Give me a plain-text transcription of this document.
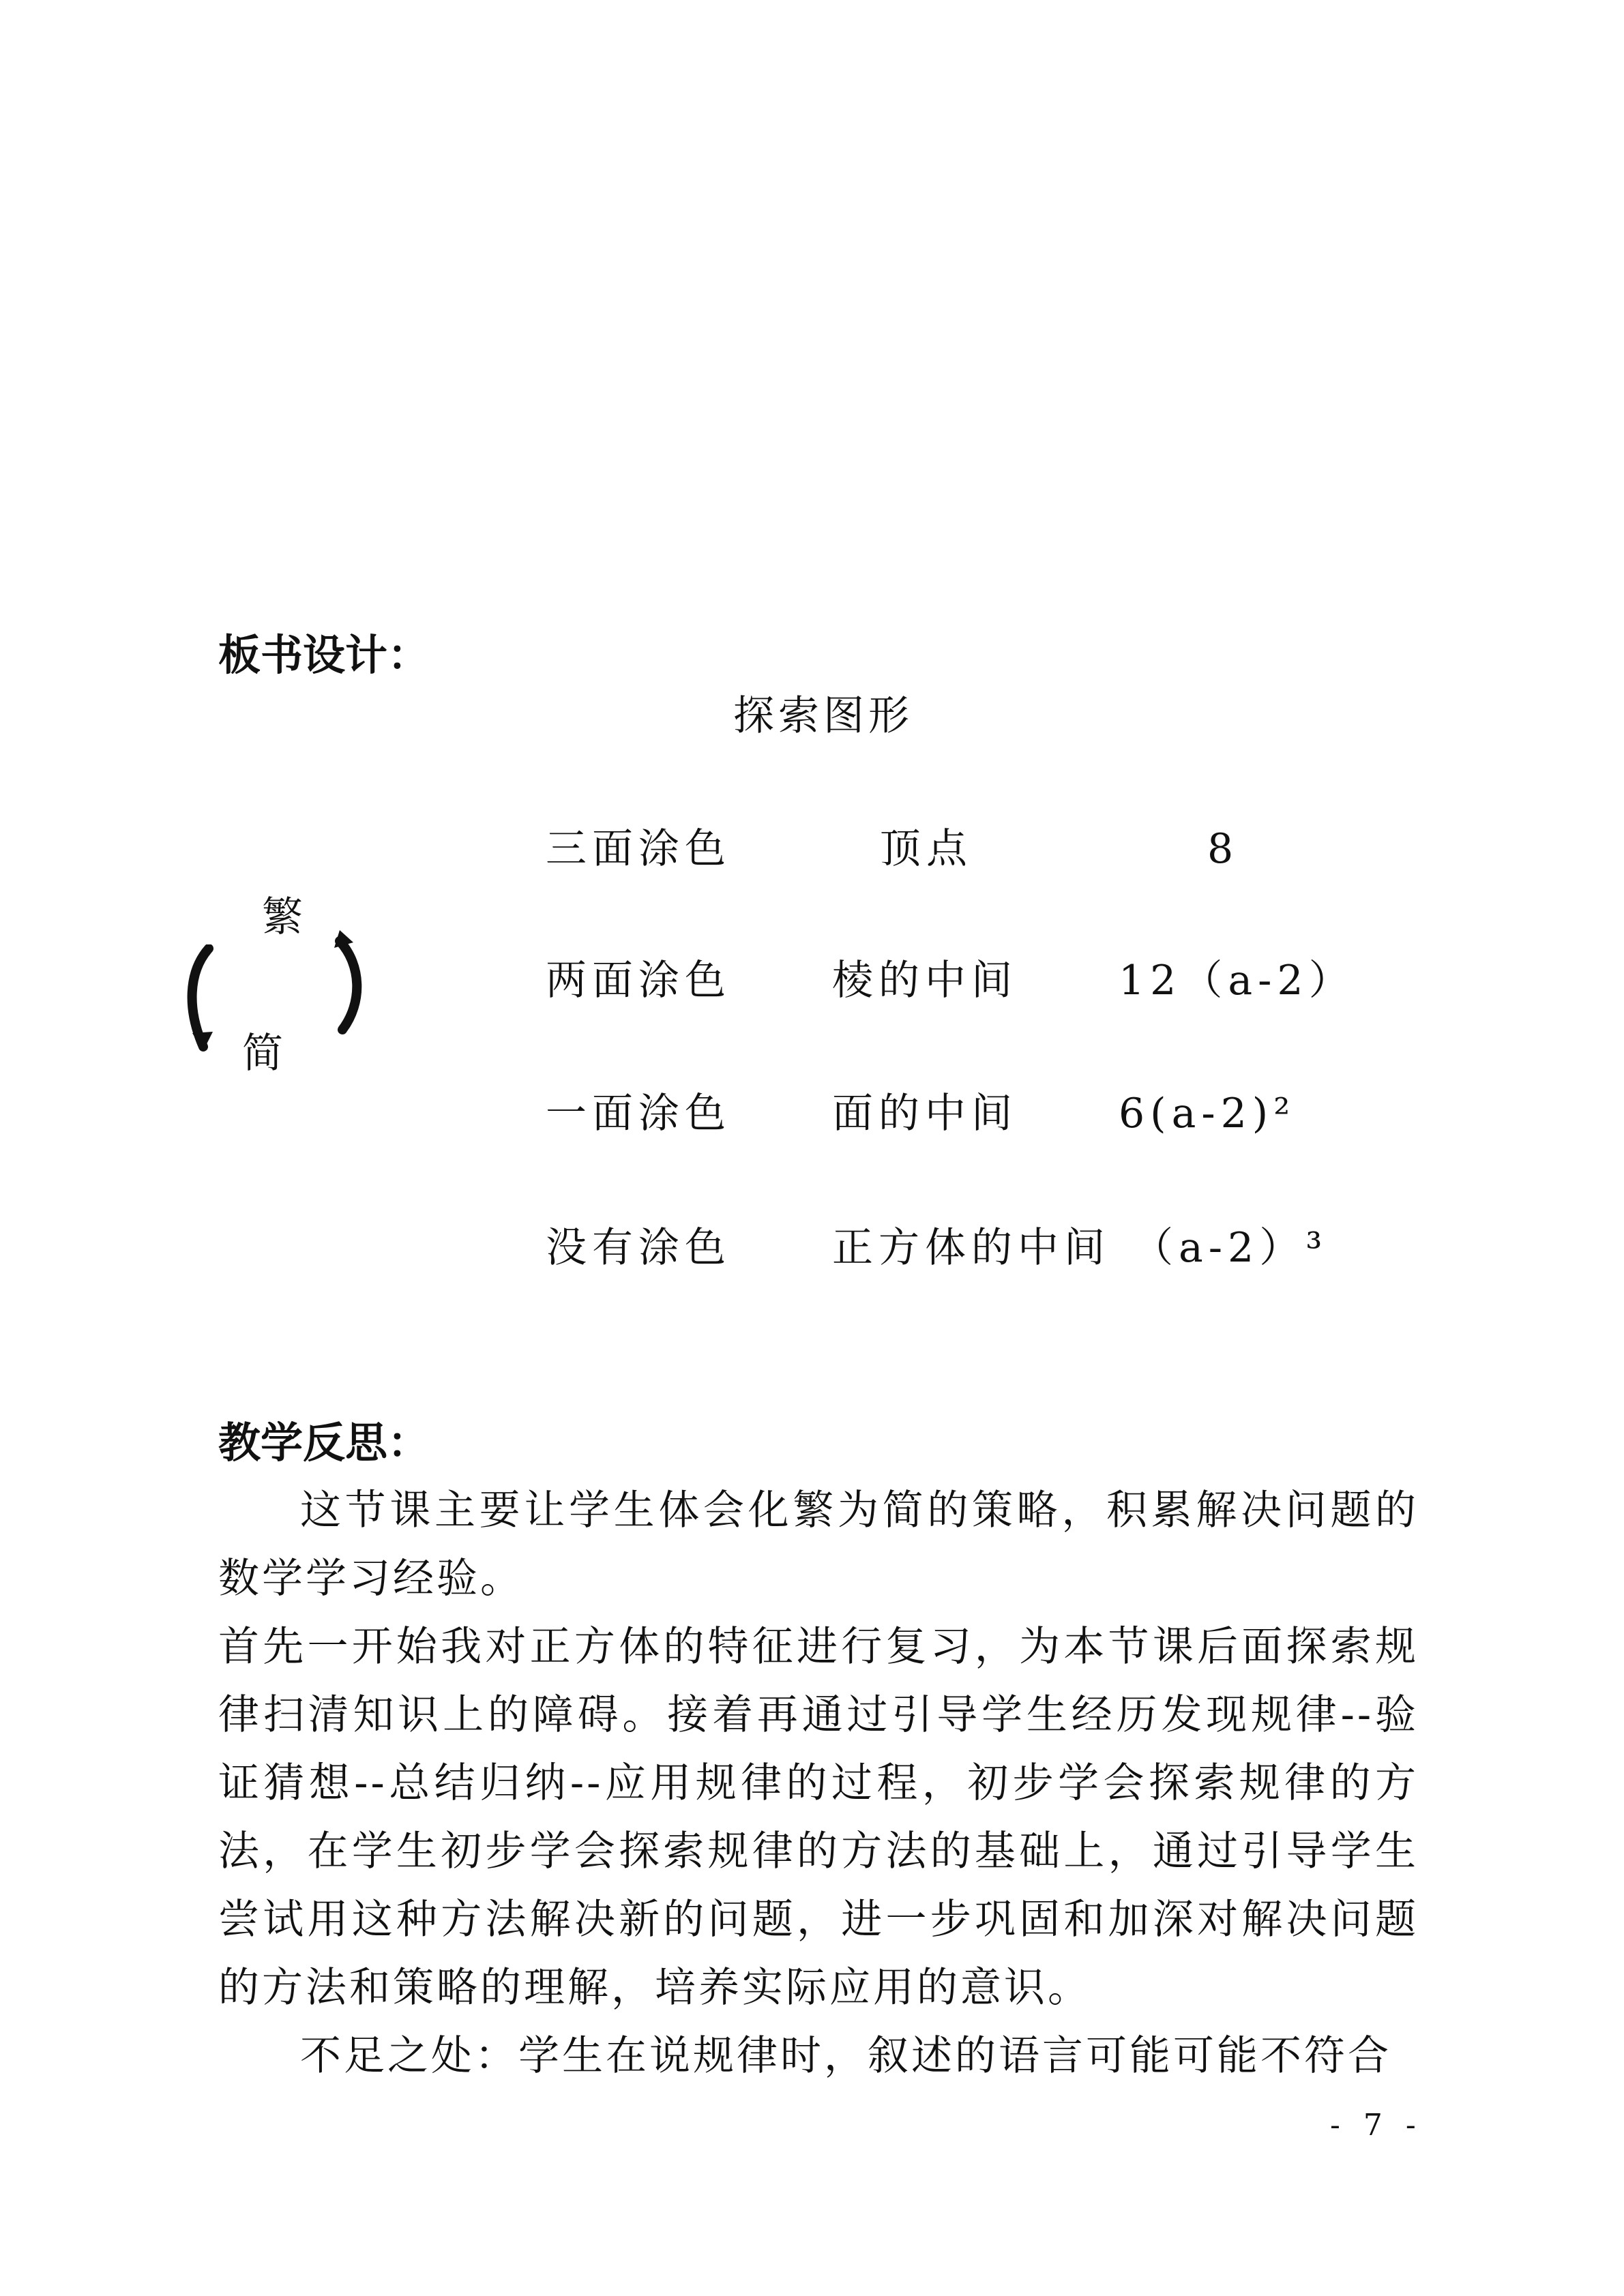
板书设计：
探索图形
繁
简
三面涂色	顶点	8
两面涂色 棱的中间 12（a-2）
一面涂色 面的中间 6(a-2)²
没有涂色 正方体的中间 （a-2）³
教学反思：
这节课主要让学生体会化繁为简的策略，积累解决问题的数学学习经验。
首先一开始我对正方体的特征进行复习，为本节课后面探索规律扫清知识上的障碍。接着再通过引导学生经历发现规律--验证猜想--总结归纳--应用规律的过程，初步学会探索规律的方法，在学生初步学会探索规律的方法的基础上，通过引导学生尝试用这种方法解决新的问题，进一步巩固和加深对解决问题的方法和策略的理解，培养实际应用的意识。
不足之处：学生在说规律时，叙述的语言可能可能不符合
- 7 -
